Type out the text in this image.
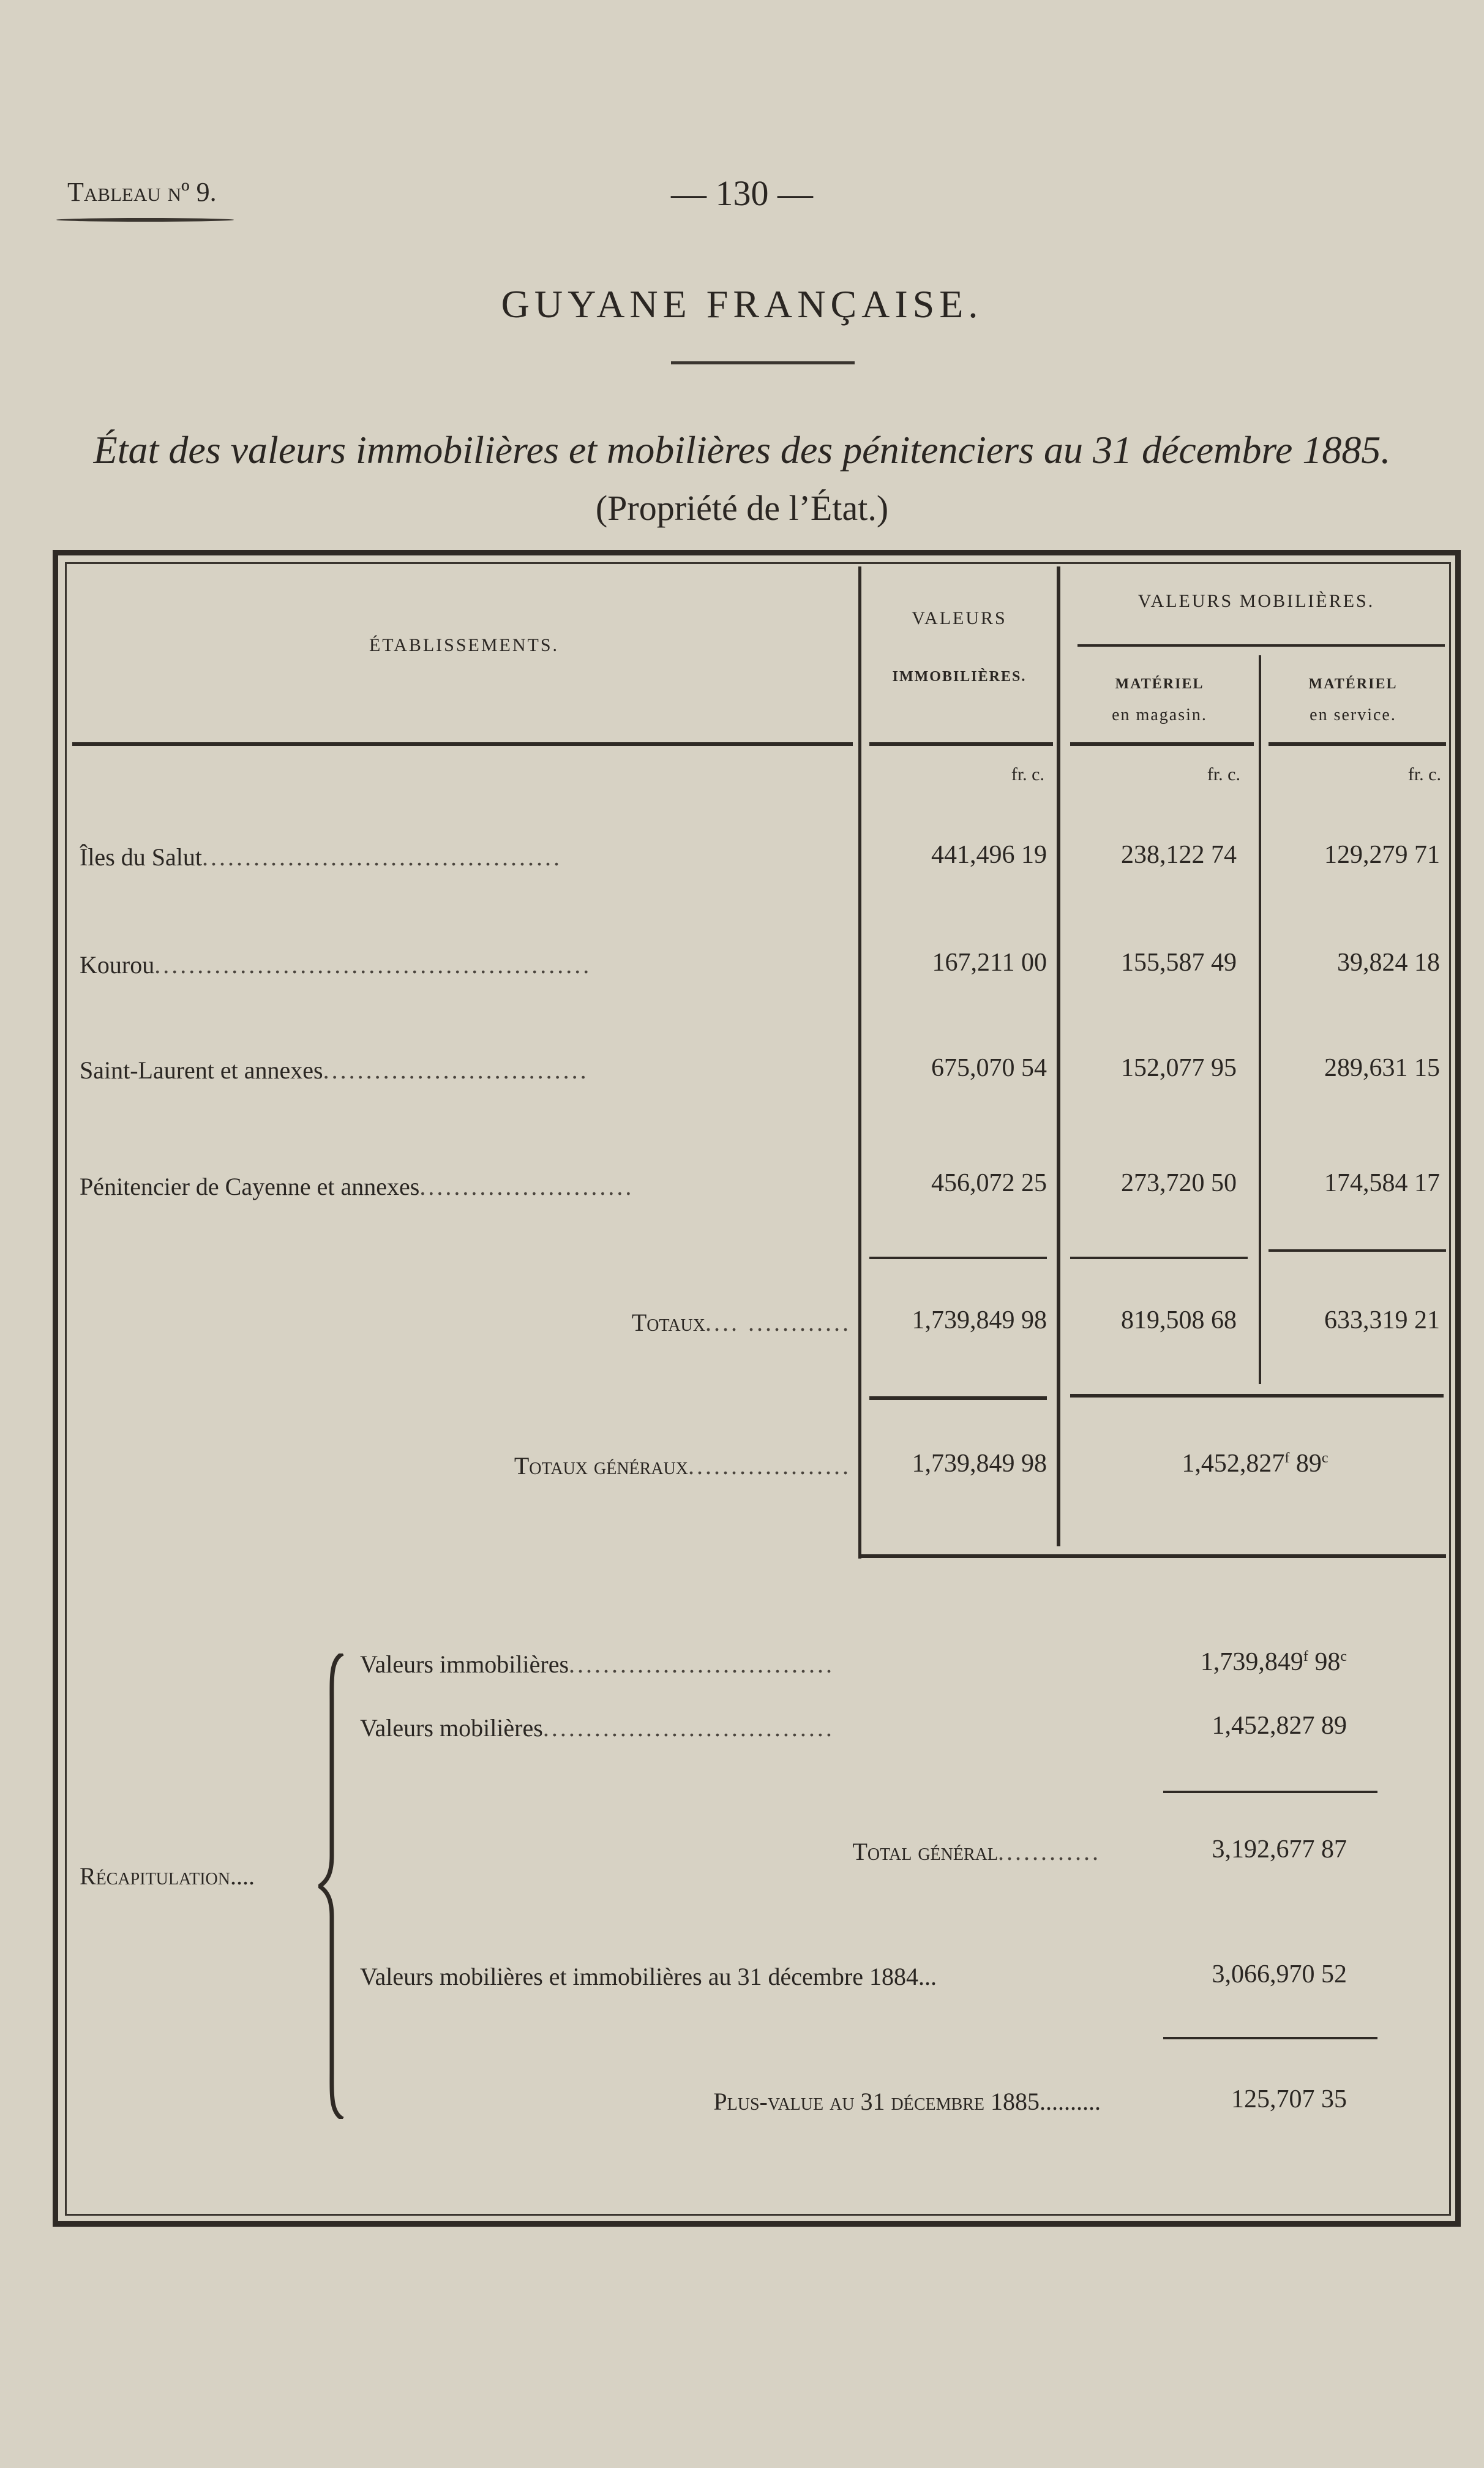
Tableau nº 9.	— 130 —
GUYANE FRANÇAISE.
État des valeurs immobilières et mobilières des pénitenciers au 31 décembre 1885.
(Propriété de l’État.)
ÉTABLISSEMENTS.
VALEURS
IMMOBILIÈRES.
VALEURS MOBILIÈRES.
MATÉRIEL
en magasin.
MATÉRIEL
en service.
fr. c.	fr. c.	fr. c.
Îles du Salut..........................................	441,496 19	238,122 74	129,279 71
Kourou...................................................	167,211 00	155,587 49	39,824 18
Saint-Laurent et annexes...............................	675,070 54	152,077 95	289,631 15
Pénitencier de Cayenne et annexes.........................	456,072 25	273,720 50	174,584 17
Totaux.... ............	1,739,849 98	819,508 68	633,319 21
Totaux généraux...................	1,739,849 98	1,452,827$^f$ 89$^c$
Récapitulation....
Valeurs immobilières...............................	1,739,849$^f$ 98$^c$
Valeurs mobilières..................................	1,452,827 89
Total général............	3,192,677 87
Valeurs mobilières et immobilières au 31 décembre 1884...	3,066,970 52
Plus-value au 31 décembre 1885..........	125,707 35
